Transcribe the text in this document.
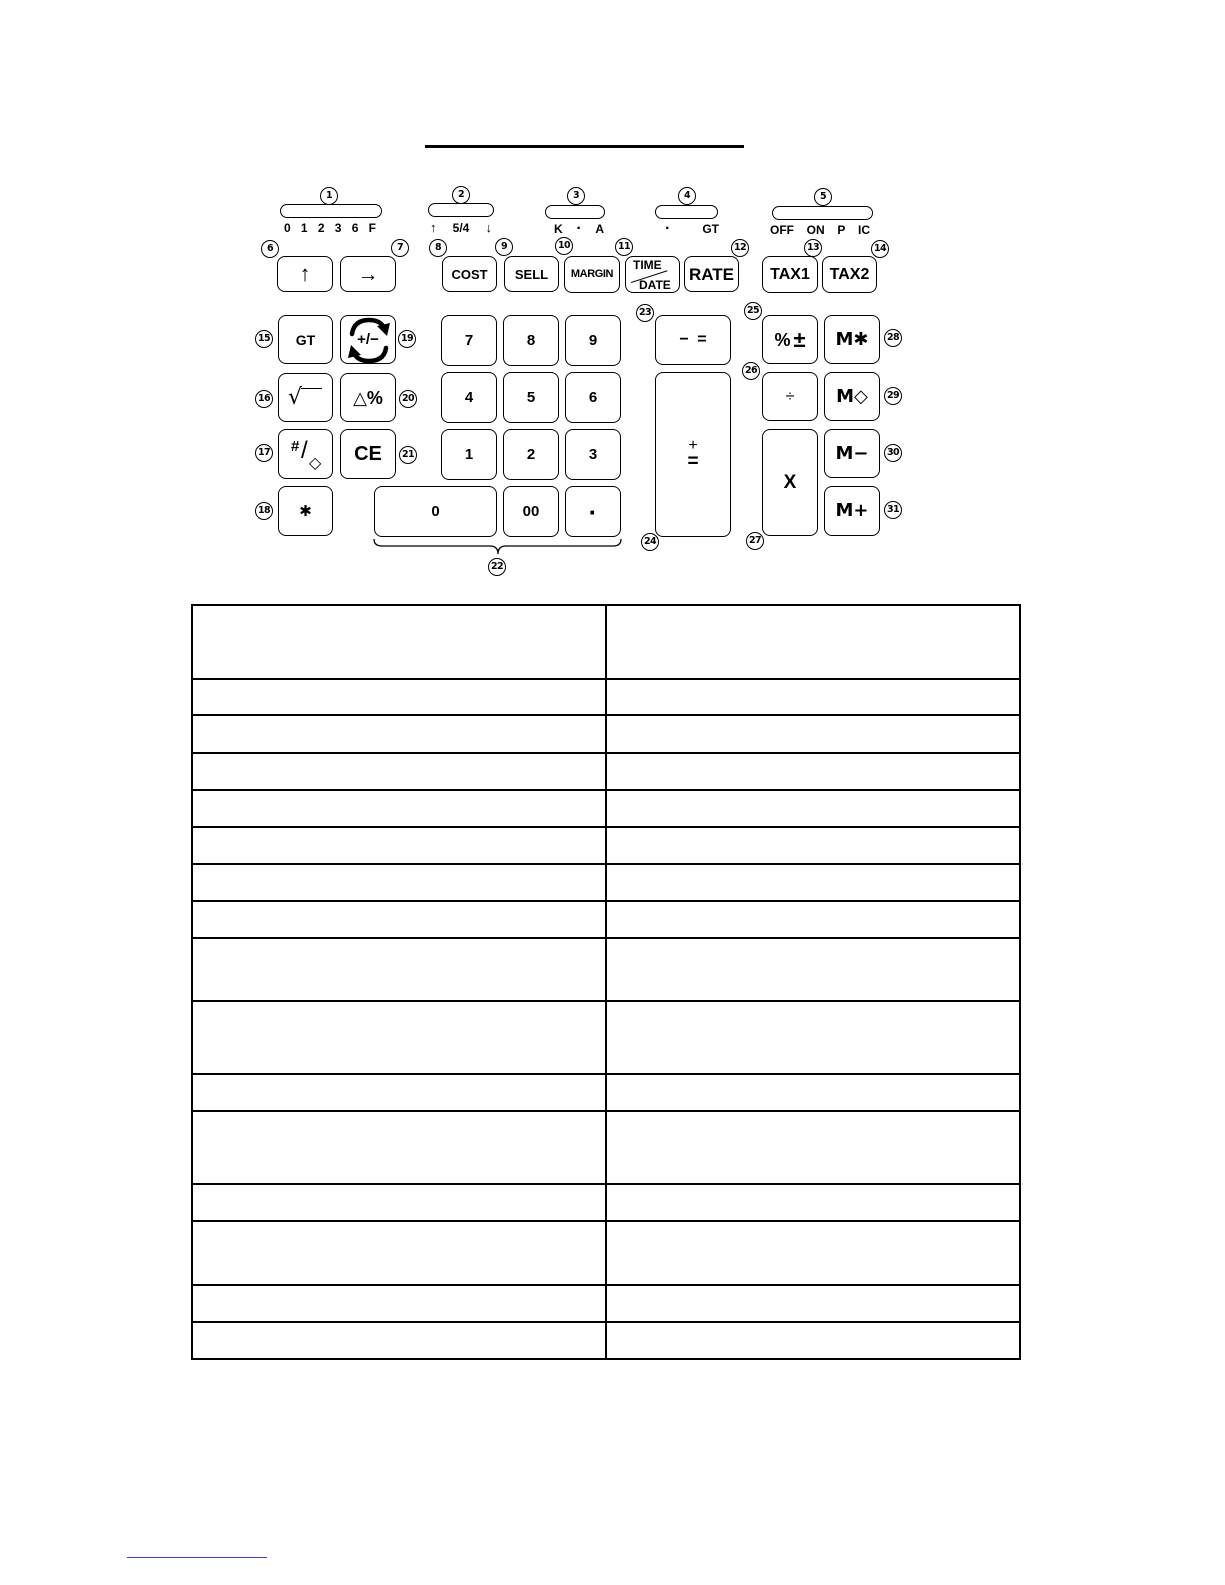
0 1 2 3 6 F
1
↑ 5/4 ↓
2
K · A
3
·	GT
4
OFF ON P IC
5
↑
6
→
7
COST
8
SELL
9
MARGIN
10
TIME
DATE
11
RATE
12
TAX1
13
TAX2
14
GT
15	+/−	19
√
16	△%	20
# / ◇
17	CE	21
✱
18
7	8	9
4	5	6
1	2	3
0	00 ·
22
− =
23
+
=
24
% ±
25
÷
26
X
27
M✱	28
M◇	29
M−	30
M+	31
